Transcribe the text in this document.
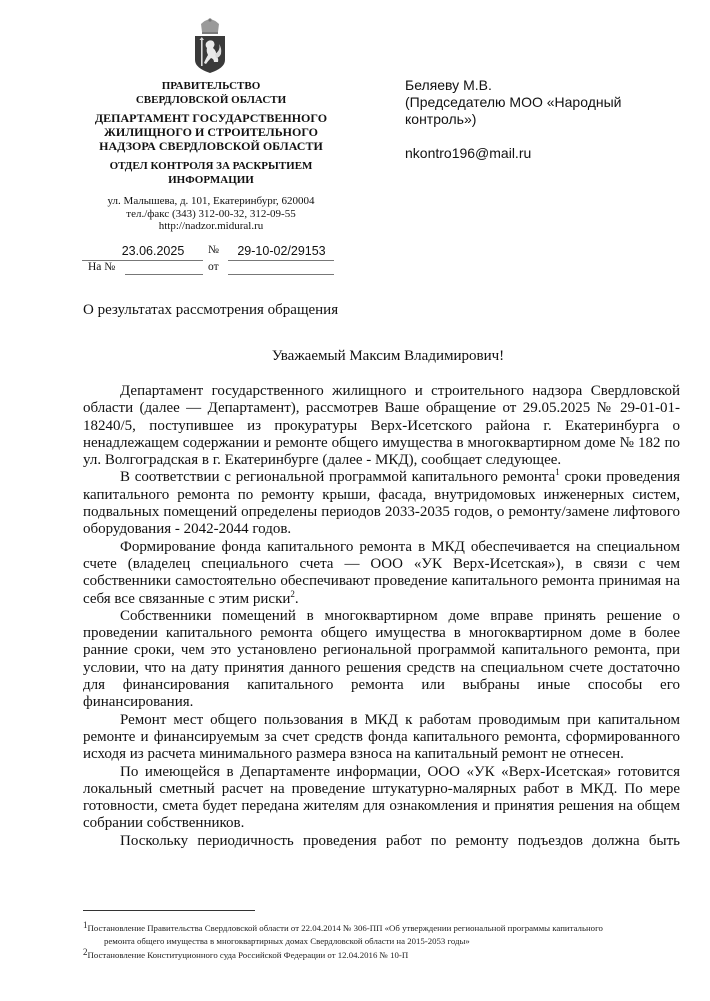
ПРАВИТЕЛЬСТВО
СВЕРДЛОВСКОЙ ОБЛАСТИ
ДЕПАРТАМЕНТ ГОСУДАРСТВЕННОГО
ЖИЛИЩНОГО И СТРОИТЕЛЬНОГО
НАДЗОРА СВЕРДЛОВСКОЙ ОБЛАСТИ
ОТДЕЛ КОНТРОЛЯ ЗА РАСКРЫТИЕМ
ИНФОРМАЦИИ
ул. Малышева, д. 101, Екатеринбург, 620004
тел./факс (343) 312-00-32, 312-09-55
http://nadzor.midural.ru
23.06.2025	№	29-10-02/29153
На №	от
Беляеву М.В.
(Председателю МОО «Народный
контроль»)
nkontro196@mail.ru
О результатах рассмотрения обращения
Уважаемый Максим Владимирович!

Департамент государственного жилищного и строительного надзора Свердловской области (далее — Департамент), рассмотрев Ваше обращение от 29.05.2025 № 29-01-01-18240/5, поступившее из прокуратуры Верх-Исетского района г. Екатеринбурга о ненадлежащем содержании и ремонте общего имущества в многоквартирном доме № 182 по ул. Волгоградская в г. Екатеринбурге (далее - МКД), сообщает следующее.

В соответствии с региональной программой капитального ремонта$^1$ сроки проведения капитального ремонта по ремонту крыши, фасада, внутридомовых инженерных систем, подвальных помещений определены периодов 2033-2035 годов, о ремонту/замене лифтового оборудования - 2042-2044 годов.

Формирование фонда капитального ремонта в МКД обеспечивается на специальном счете (владелец специального счета — ООО «УК Верх-Исетская»), в связи с чем собственники самостоятельно обеспечивают проведение капитального ремонта принимая на себя все связанные с этим риски$^2$.

Собственники помещений в многоквартирном доме вправе принять решение о проведении капитального ремонта общего имущества в многоквартирном доме в более ранние сроки, чем это установлено региональной программой капитального ремонта, при условии, что на дату принятия данного решения средств на специальном счете достаточно для финансирования капитального ремонта или выбраны иные способы его финансирования.

Ремонт мест общего пользования в МКД к работам проводимым при капитальном ремонте и финансируемым за счет средств фонда капитального ремонта, сформированного исходя из расчета минимального размера взноса на капитальный ремонт не отнесен.

По имеющейся в Департаменте информации, ООО «УК «Верх-Исетская» готовится локальный сметный расчет на проведение штукатурно-малярных работ в МКД. По мере готовности, смета будет передана жителям для ознакомления и принятия решения на общем собрании собственников.

Поскольку периодичность проведения работ по ремонту подъездов должна быть

$^1$Постановление Правительства Свердловской области от 22.04.2014 № 306-ПП «Об утверждении региональной программы капитального
ремонта общего имущества в многоквартирных домах Свердловской области на 2015-2053 годы»
$^2$Постановление Конституционного суда Российской Федерации от 12.04.2016 № 10-П
